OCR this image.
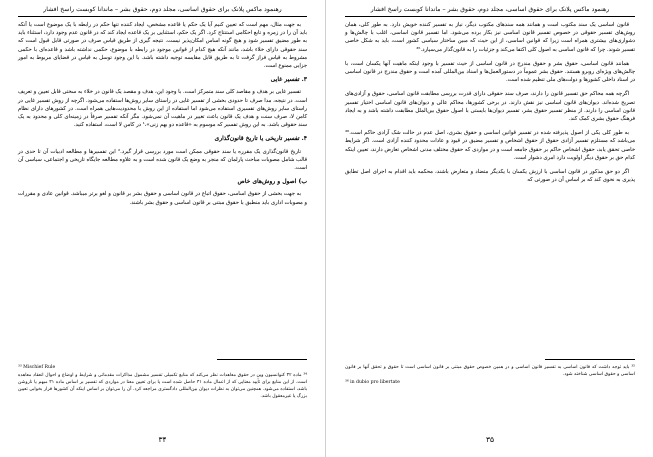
رهنمود ماکس پلانک برای حقوق اساسی، مجلد دوم، حقوق بشر – ماندانا کوبست راسخ افشار

به جهت مثال، مهم است که تعیین کنیم آیا یک حکم یا قاعده مشخص، ایجاد کننده تنها حکم در رابطه با یک موضوع است یا آنکه باید آن را در زمره و تابع احکامی استنتاج کرد. اگر یک حکم، استثنایی بر یک قاعده ایجاد کند که در قانون عدم وجود دارد، استثناء باید به طور مضیق تفسیر شود و هیچ گونه اساس امکان‌پذیر نیست. نتیجه گیری از طریق قیاس صرف در صورتی قابل قبول است که سند حقوقی دارای خلاء باشد، مانند آنکه هیچ کدام از قوانین موجود در رابطه با موضوع، حکمی نداشته باشد و قاعده‌ای با حکمی مشروط ‌به قیاس فراز گرفت تا به طریق قابل مقایسه توجیه داشته باشد. با این وجود توسل به قیاس در قضایای مربوط به امور جزایی ممنوع است.

۳. تفسیر غایی

تفسیر غایی بر هدف و مقاصد کلی سند متمرکز است. با وجود این، هدف و مقصد یک قانون در خلاء به سختی قابل تعیین و تعریف است. در نتیجه، مدا صرف تا حدودی بخشی از تفسیر غایی در راستای سایر روش‌ها استفاده می‌شود. اگرچه از روش تفسیر غایی در راستای سایر روش‌های تفسیری استفاده می‌شود اما استفاده از این روش با محدودیت‌هایی همراه است. در کشورهای دارای نظام کامن لا، صرف سنت و هدف یک قانون باعث تغییر در ماهیت آن نمی‌شود. مگر آنکه تفسیر صرفاً در زمینه‌ای کلی و محدود به یک سند حقوقی باشد. به این روش تفسیر که موسوم به «قاعده دو بهم زنی»،¹ در کامن لا است، استفاده کنید.

۴. تفسیر تاریخی یا تاریخ قانون‌گذاری

تاریخ قانون‌گذاری یک مقرره یا سند حقوقی ممکن است مورد بررسی قرار گیرد.² این تفسیرها و مطالعه ادبیات آن تا حدی در قالب شامل مصوبات مباحث پارلمان که منجر به وضع یک قانون شده است و به علاوه مطالعه جایگاه تاریخی و اجتماعی، سیاسی آن است.

ب) اصول و روش‌های خاص

به جهت بخشی از حقوق اساسی، حقوق اتباع در قانون اساسی و حقوق بشر بر قانون و لغو برتر میباشد. قوانین عادی و مقررات و مصوبات اداری باید منطبق با حقوق مبتنی بر قانون اساسی و حقوق بشر باشند.

³³ Mischief Rule

³⁴ ماده ۳۲ کنوانسیون وین در حقوق معاهدات نظر می‌کند که منابع تکمیلی تفسیر مشمول مذاکرات مقدماتی و شرایط و اوضاع و احوال انعقاد معاهده است. از این منابع برای تأیید معنایی که از اعمال ماده ۳۱ حاصل شده است یا برای تعیین معنا در مواردی که تفسیر بر اساس ماده ۳۱ مبهم یا ناروشن باشد، استفاده می‌شود. همچنین می‌توان به نظرات دیوان بین‌المللی دادگستری مراجعه کرد. آن را می‌توان بر اساس اینکه آن کشورها قرار بخوابی تعیین بزرگ یا غیرمعقول باشد.

۳۴
رهنمود ماکس پلانک برای حقوق اساسی، مجلد دوم، حقوق بشر – ماندانا کوبست راسخ افشار

قانون اساسی یک سند مکتوب است و همانند همه سندهای مکتوب دیگر، نیاز به تفسیر کننده خویش دارد. به طور کلی، همان روش‌های تفسیر حقوقی در خصوص تفسیر قانون اساسی نیز بکار برده می‌شود. اما تفسیر قانون اساسی، اغلب با چالش‌ها و دشواری‌های بیشتری همراه است زیرا که قوانین اساسی، از این حیث که مبین ساختار سیاسی کشور است، باید به شکل خاصی تفسیر شوند. چرا که قانون اساسی به اصول کلی اکتفا می‌کند و جزئیات را به قانون‌گذار می‌سپارد.³⁵

همانند قانون اساسی، حقوق بشر و حقوق مندرج در قانون اساسی از حیث تفسیر با وجود اینکه ماهیت آنها یکسان است، با چالش‌های ویژه‌ای روبرو هستند. حقوق بشر عموماً در دستورالعمل‌ها و اسناد بین‌المللی آمده است و حقوق مندرج در قانون اساسی در اسناد داخلی کشورها و دولت‌های ملی تنظیم شده است.

اگرچه همه محاکم حق تفسیر قانون را دارند، صرف سند حقوقی دارای قدرت بررسی مطابقت قانون اساسی، حقوق و آزادی‌های تصریح شده‌اند. دیوان‌های قانون اساسی نیز نقش دارند. در برخی کشورها، محاکم عالی و دیوان‌های قانون اساسی اختیار تفسیر قانون اساسی را دارند. از منظر تفسیر حقوق بشر، تفسیر دیوان‌ها بایستی با اصول حقوق بین‌الملل مطابقت داشته باشد و به ایجاد فرهنگ حقوق بشری کمک کند.

به طور کلی یکی از اصول پذیرفته شده در تفسیر قوانین اساسی و حقوق بشری، اصل عدم در حالت شک آزادی حاکم است.³⁶ می‌باشد که مستلزم تفسیر آزادی حقوق از حقوق اشخاص و تفسیر مضیق در قیود و عادات محدود کننده آزادی است. اگر شرایط خاصی تحقق یابد، حقوق اشخاص حاکم بر حقوق جامعه است و در مواردی که حقوق مختلف مدنی اشخاص تعارض دارند، تعیین اینکه کدام حق بر حقوق دیگر اولویت دارد امری دشوار است.

اگر دو حق مذکور در قانون اساسی با ارزش یکسان با یکدیگر متضاد و متعارض باشند، محکمه باید اقدام به اجرای اصل تطابق پذیری به نحوی کند که بر اساس آن در صورتی که

³⁵ باید توجه داشت که قانون اساسی به تفسیر قانون اساسی و در همین خصوص حقوق مبتنی بر قانون اساسی است تا حقوق و تحقق آنها بر قانون اساسی و حقوق اساسی شناخته شود.

³⁶ in dubio pro libertate

۳۵
